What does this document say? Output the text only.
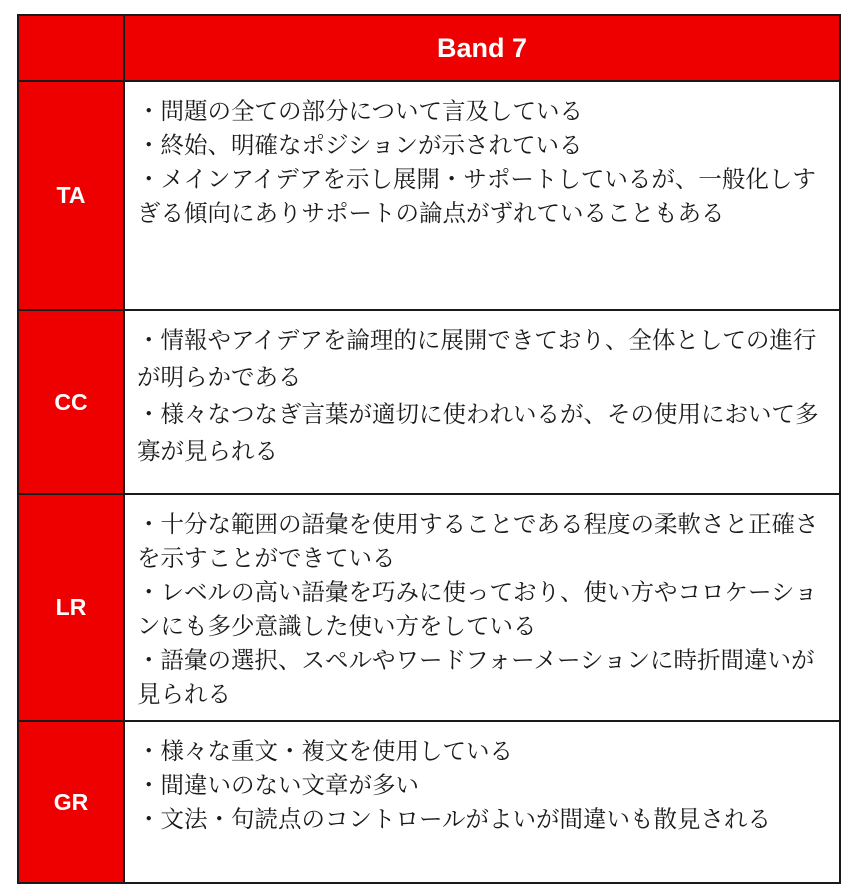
	Band 7
TA	・問題の全ての部分について言及している
・終始、明確なポジションが示されている
・メインアイデアを示し展開・サポートしているが、一般化しすぎる傾向にありサポートの論点がずれていることもある

CC	・情報やアイデアを論理的に展開できており、全体としての進行が明らかである
・様々なつなぎ言葉が適切に使われいるが、その使用において多寡が見られる

LR	・十分な範囲の語彙を使用することである程度の柔軟さと正確さを示すことができている
・レベルの高い語彙を巧みに使っており、使い方やコロケーションにも多少意識した使い方をしている
・語彙の選択、スペルやワードフォーメーションに時折間違いが見られる

GR	・様々な重文・複文を使用している
・間違いのない文章が多い
・文法・句読点のコントロールがよいが間違いも散見される
